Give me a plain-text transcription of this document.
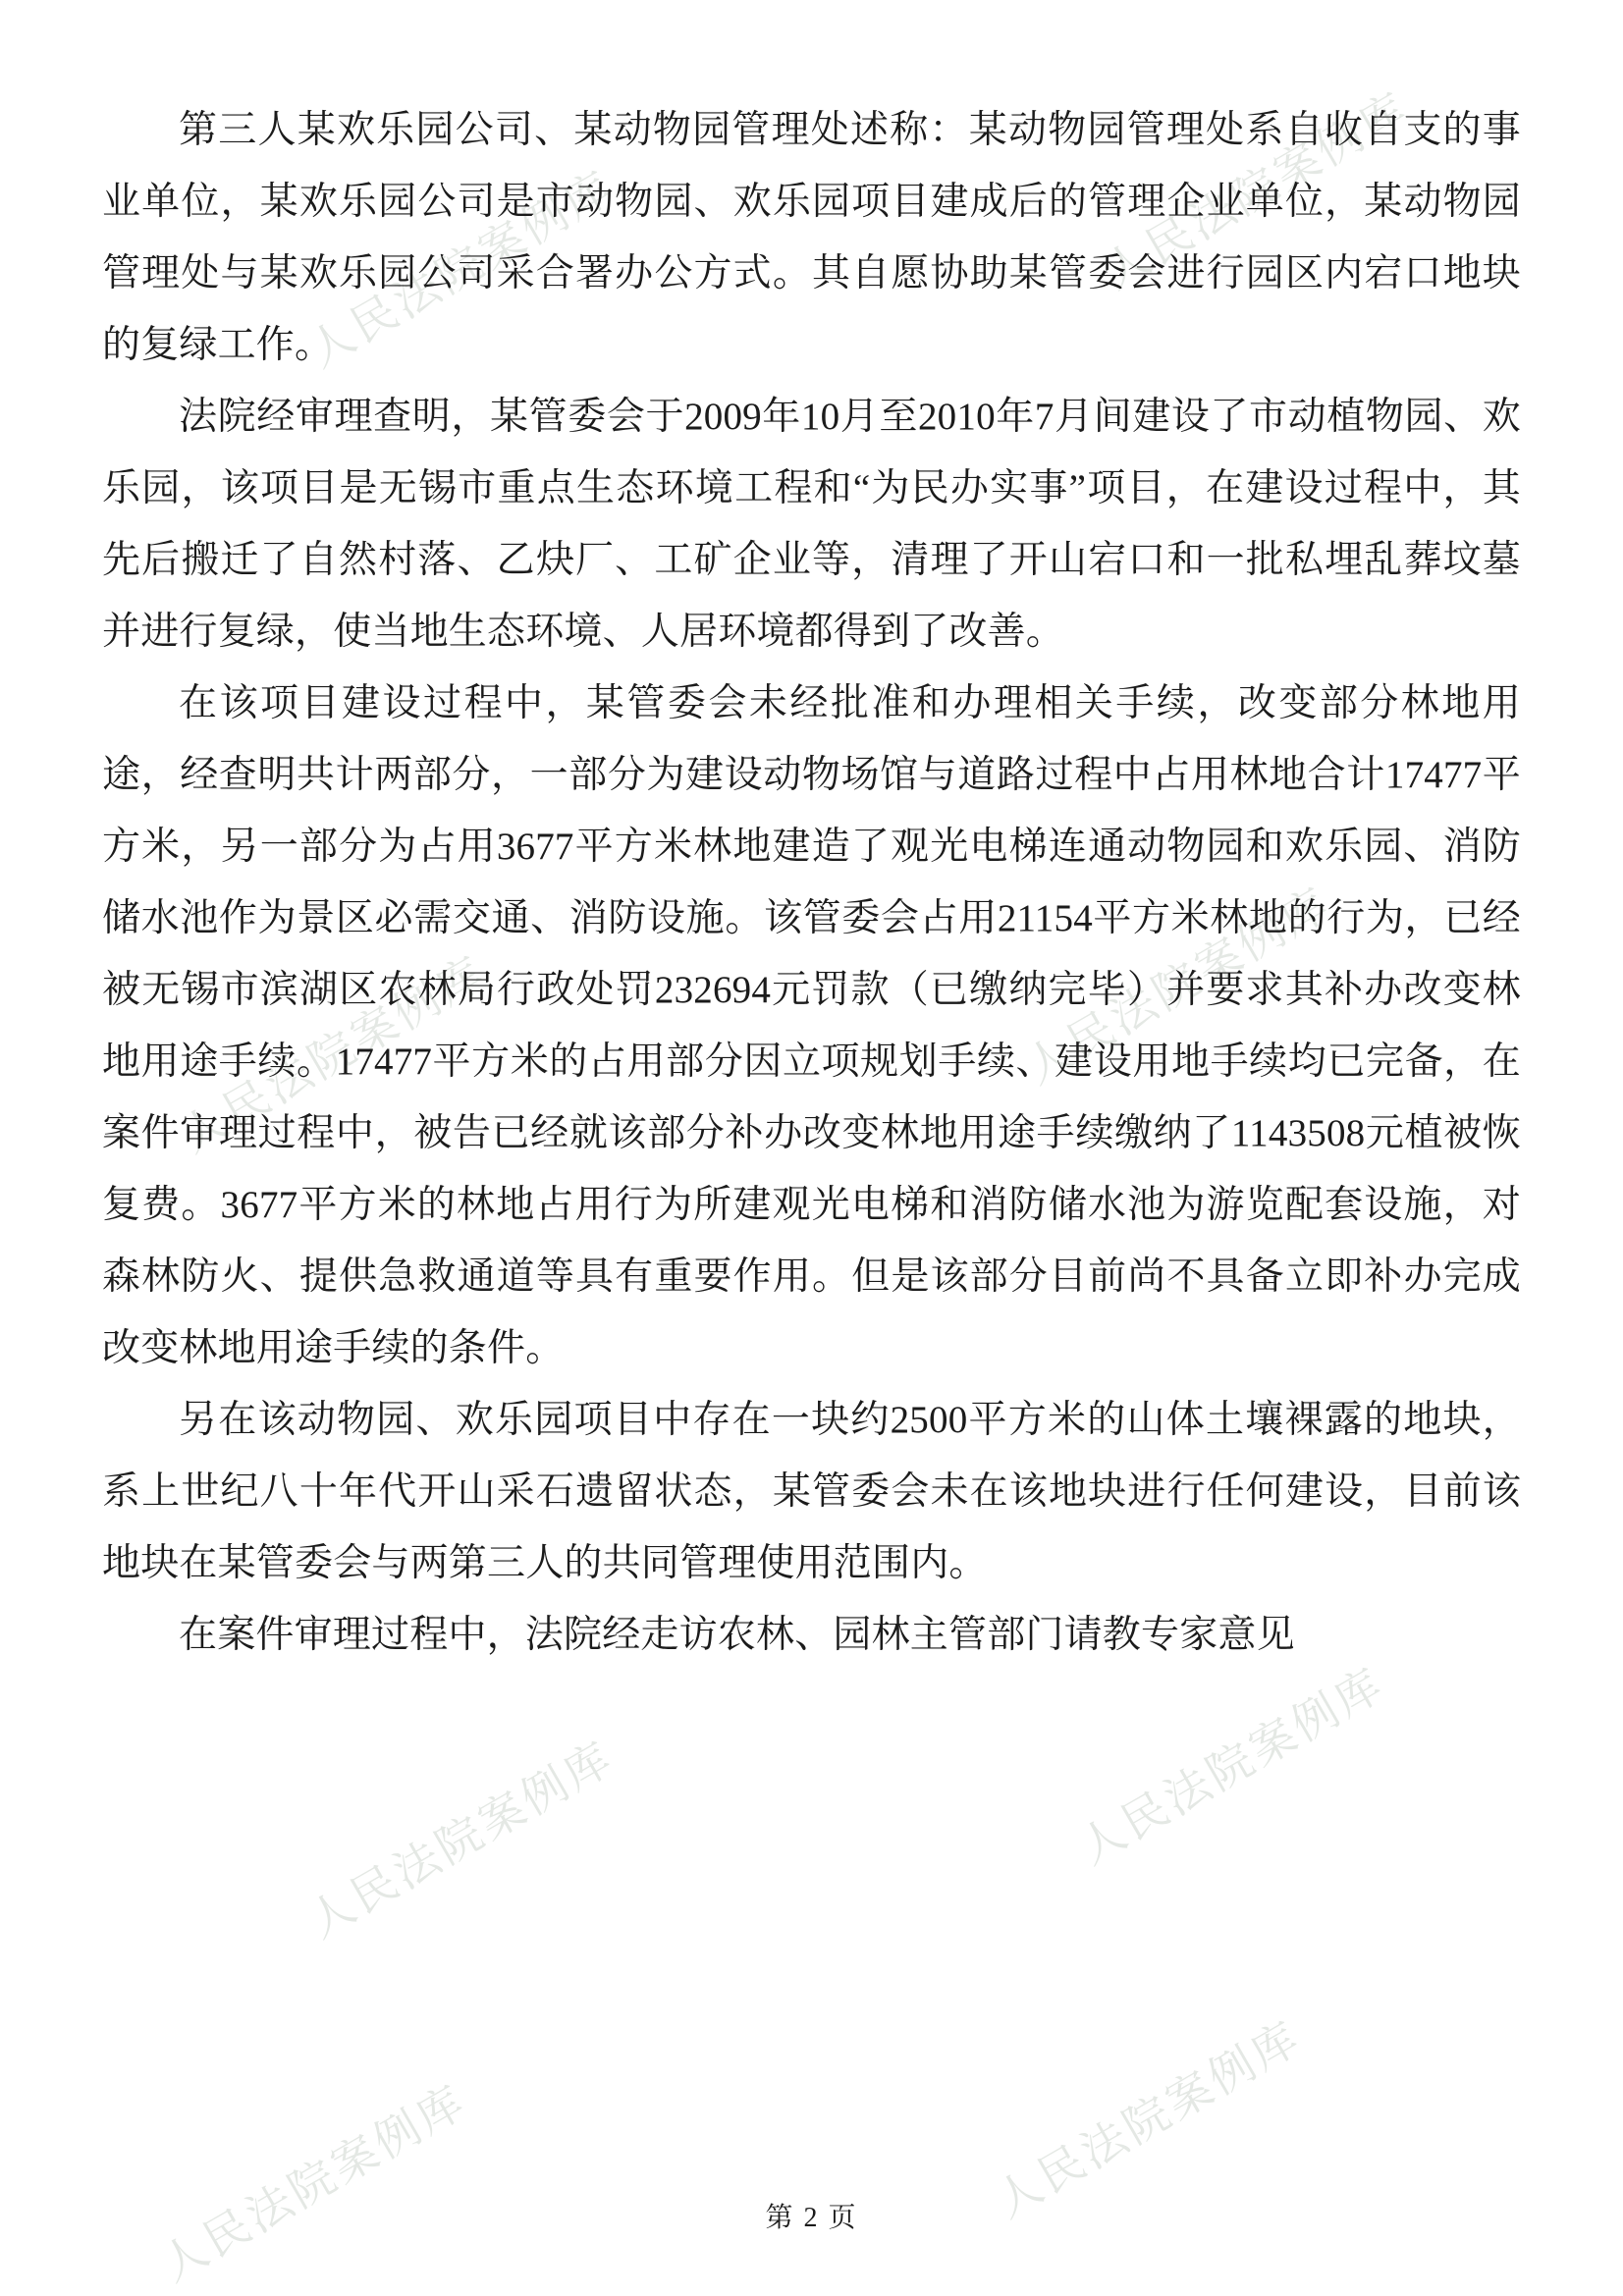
人民法院案例库	人民法院案例库
人民法院案例库	人民法院案例库
人民法院案例库	人民法院案例库
人民法院案例库	人民法院案例库

第三人某欢乐园公司、某动物园管理处述称：某动物园管理处系自收自支的事业单位，某欢乐园公司是市动物园、欢乐园项目建成后的管理企业单位，某动物园管理处与某欢乐园公司采合署办公方式。其自愿协助某管委会进行园区内宕口地块的复绿工作。

法院经审理查明，某管委会于2009年10月至2010年7月间建设了市动植物园、欢乐园，该项目是无锡市重点生态环境工程和“为民办实事”项目，在建设过程中，其先后搬迁了自然村落、乙炔厂、工矿企业等，清理了开山宕口和一批私埋乱葬坟墓并进行复绿，使当地生态环境、人居环境都得到了改善。

在该项目建设过程中，某管委会未经批准和办理相关手续，改变部分林地用途，经查明共计两部分，一部分为建设动物场馆与道路过程中占用林地合计17477平方米，另一部分为占用3677平方米林地建造了观光电梯连通动物园和欢乐园、消防储水池作为景区必需交通、消防设施。该管委会占用21154平方米林地的行为，已经被无锡市滨湖区农林局行政处罚232694元罚款（已缴纳完毕）并要求其补办改变林地用途手续。17477平方米的占用部分因立项规划手续、建设用地手续均已完备，在案件审理过程中，被告已经就该部分补办改变林地用途手续缴纳了1143508元植被恢复费。3677平方米的林地占用行为所建观光电梯和消防储水池为游览配套设施，对森林防火、提供急救通道等具有重要作用。但是该部分目前尚不具备立即补办完成改变林地用途手续的条件。

另在该动物园、欢乐园项目中存在一块约2500平方米的山体土壤裸露的地块，系上世纪八十年代开山采石遗留状态，某管委会未在该地块进行任何建设，目前该地块在某管委会与两第三人的共同管理使用范围内。

在案件审理过程中，法院经走访农林、园林主管部门请教专家意见

第 2 页
